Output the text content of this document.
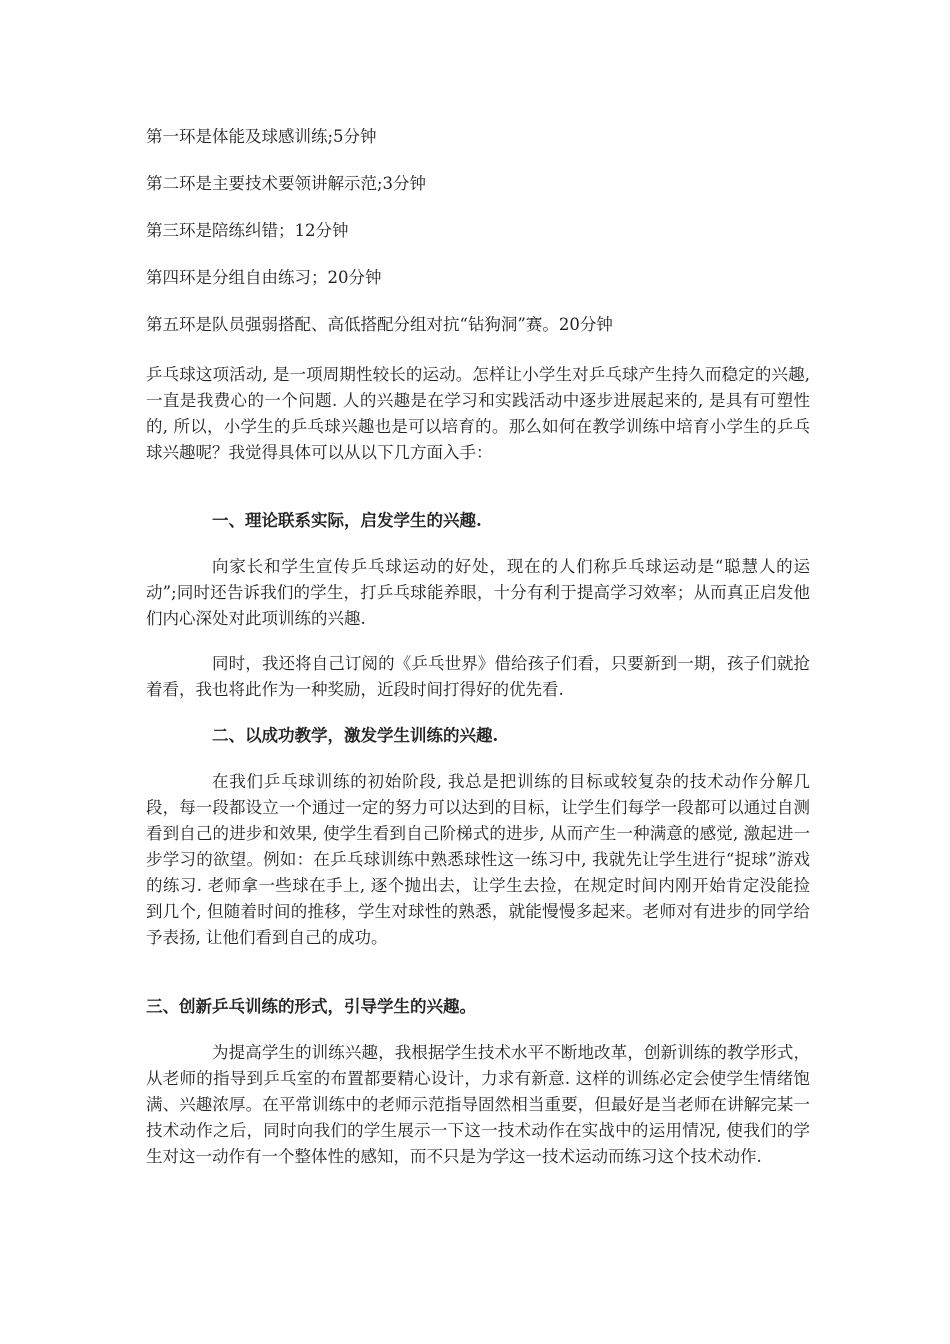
第一环是体能及球感训练;5分钟

第二环是主要技术要领讲解示范;3分钟

第三环是陪练纠错；12分钟

第四环是分组自由练习；20分钟

第五环是队员强弱搭配、高低搭配分组对抗“钻狗洞”赛。20分钟

乒乓球这项活动, 是一项周期性较长的运动。怎样让小学生对乒乓球产生持久而稳定的兴趣, 一直是我费心的一个问题. 人的兴趣是在学习和实践活动中逐步进展起来的, 是具有可塑性的, 所以，小学生的乒乓球兴趣也是可以培育的。那么如何在教学训练中培育小学生的乒乓球兴趣呢？我觉得具体可以从以下几方面入手：

一、理论联系实际，启发学生的兴趣.

向家长和学生宣传乒乓球运动的好处，现在的人们称乒乓球运动是“聪慧人的运动”;同时还告诉我们的学生，打乒乓球能养眼，十分有利于提高学习效率；从而真正启发他们内心深处对此项训练的兴趣.

同时，我还将自己订阅的《乒乓世界》借给孩子们看，只要新到一期，孩子们就抢着看，我也将此作为一种奖励，近段时间打得好的优先看.

二、以成功教学，激发学生训练的兴趣.

在我们乒乓球训练的初始阶段, 我总是把训练的目标或较复杂的技术动作分解几段，每一段都设立一个通过一定的努力可以达到的目标，让学生们每学一段都可以通过自测看到自己的进步和效果, 使学生看到自己阶梯式的进步, 从而产生一种满意的感觉, 激起进一步学习的欲望。例如：在乒乓球训练中熟悉球性这一练习中, 我就先让学生进行“捉球”游戏的练习. 老师拿一些球在手上, 逐个抛出去，让学生去捡，在规定时间内刚开始肯定没能捡到几个, 但随着时间的推移，学生对球性的熟悉，就能慢慢多起来。老师对有进步的同学给予表扬, 让他们看到自己的成功。

三、创新乒乓训练的形式，引导学生的兴趣。

为提高学生的训练兴趣，我根据学生技术水平不断地改革，创新训练的教学形式，从老师的指导到乒乓室的布置都要精心设计，力求有新意. 这样的训练必定会使学生情绪饱满、兴趣浓厚。在平常训练中的老师示范指导固然相当重要，但最好是当老师在讲解完某一技术动作之后，同时向我们的学生展示一下这一技术动作在实战中的运用情况, 使我们的学生对这一动作有一个整体性的感知，而不只是为学这一技术运动而练习这个技术动作.
